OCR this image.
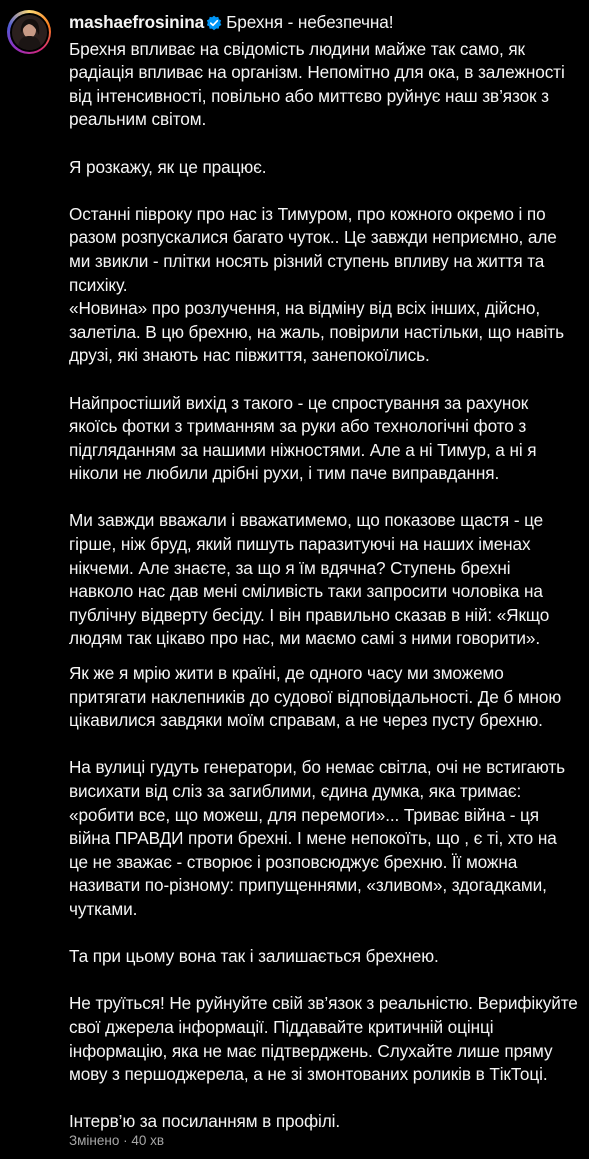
mashaefrosinina Брехня - небезпечна!
Брехня впливає на свідомість людини майже так само, як радіація впливає на організм. Непомітно для ока, в залежності від інтенсивності, повільно або миттєво руйнує наш зв’язок з реальним світом.
Я розкажу, як це працює.
Останні півроку про нас із Тимуром, про кожного окремо і по разом розпускалися багато чуток.. Це завжди неприємно, але ми звикли - плітки носять різний ступень впливу на життя та психіку.
«Новина» про розлучення, на відміну від всіх інших, дійсно, залетіла. В цю брехню, на жаль, повірили настільки, що навіть друзі, які знають нас півжиття, занепокоїлись.
Найпростіший вихід з такого - це спростування за рахунок якоїсь фотки з триманням за руки або технологічні фото з підгляданням за нашими ніжностями. Але а ні Тимур, а ні я ніколи не любили дрібні рухи, і тим паче виправдання.
Ми завжди вважали і вважатимемо, що показове щастя - це гірше, ніж бруд, який пишуть паразитуючі на наших іменах нікчеми. Але знаєте, за що я їм вдячна? Ступень брехні навколо нас дав мені сміливість таки запросити чоловіка на публічну відверту бесіду. І він правильно сказав в ній: «Якщо людям так цікаво про нас, ми маємо самі з ними говорити».
Як же я мрію жити в країні, де одного часу ми зможемо притягати наклепників до судової відповідальності. Де б мною цікавилися завдяки моїм справам, а не через пусту брехню.
На вулиці гудуть генератори, бо немає світла, очі не встигають висихати від сліз за загиблими, єдина думка, яка тримає: «робити все, що можеш, для перемоги»... Триває війна - ця війна ПРАВДИ проти брехні. І мене непокоїть, що , є ті, хто на це не зважає - створює і розповсюджує брехню. Її можна називати по-різному: припущеннями, «зливом», здогадками, чутками.
Та при цьому вона так і залишається брехнею.
Не труїться! Не руйнуйте свій зв’язок з реальністю. Верифікуйте свої джерела інформації. Піддавайте критичній оцінці інформацію, яка не має підтверджень. Слухайте лише пряму мову з першоджерела, а не зі змонтованих роликів в ТікТоці.
Інтерв’ю за посиланням в профілі.
Змінено · 40 хв
